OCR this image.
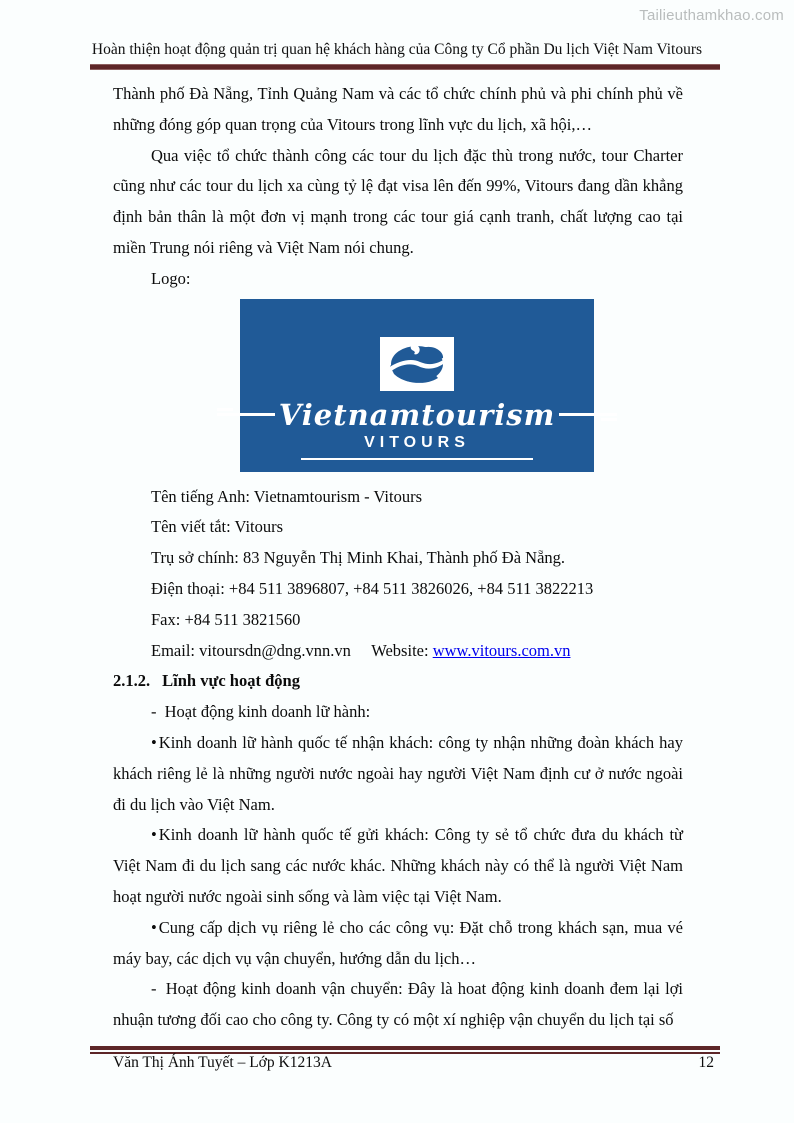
Tailieuthamkhao.com
Hoàn thiện hoạt động quản trị quan hệ khách hàng của Công ty Cổ phần Du lịch Việt Nam Vitours

Thành phố Đà Nẵng, Tỉnh Quảng Nam và các tổ chức chính phủ và phi chính phủ về những đóng góp quan trọng của Vitours trong lĩnh vực du lịch, xã hội,…

Qua việc tổ chức thành công các tour du lịch đặc thù trong nước, tour Charter cũng như các tour du lịch xa cùng tỷ lệ đạt visa lên đến 99%, Vitours đang dần khẳng định bản thân là một đơn vị mạnh trong các tour giá cạnh tranh, chất lượng cao tại miền Trung nói riêng và Việt Nam nói chung.

Logo:

Vietnamtourism
VITOURS

Tên tiếng Anh: Vietnamtourism - Vitours

Tên viết tắt: Vitours

Trụ sở chính: 83 Nguyễn Thị Minh Khai, Thành phố Đà Nẵng.

Điện thoại: +84 511 3896807, +84 511 3826026, +84 511 3822213

Fax: +84 511 3821560

Email: vitoursdn@dng.vnn.vn Website: www.vitours.com.vn

2.1.2. Lĩnh vực hoạt động

- Hoạt động kinh doanh lữ hành:

•Kinh doanh lữ hành quốc tế nhận khách: công ty nhận những đoàn khách hay khách riêng lẻ là những người nước ngoài hay người Việt Nam định cư ở nước ngoài đi du lịch vào Việt Nam.

•Kinh doanh lữ hành quốc tế gửi khách: Công ty sẻ tổ chức đưa du khách từ Việt Nam đi du lịch sang các nước khác. Những khách này có thể là người Việt Nam hoạt người nước ngoài sinh sống và làm việc tại Việt Nam.

•Cung cấp dịch vụ riêng lẻ cho các công vụ: Đặt chỗ trong khách sạn, mua vé máy bay, các dịch vụ vận chuyển, hướng dẫn du lịch…

- Hoạt động kinh doanh vận chuyển: Đây là hoat động kinh doanh đem lại lợi nhuận tương đối cao cho công ty. Công ty có một xí nghiệp vận chuyển du lịch tại số

Văn Thị Ánh Tuyết – Lớp K1213A	12
